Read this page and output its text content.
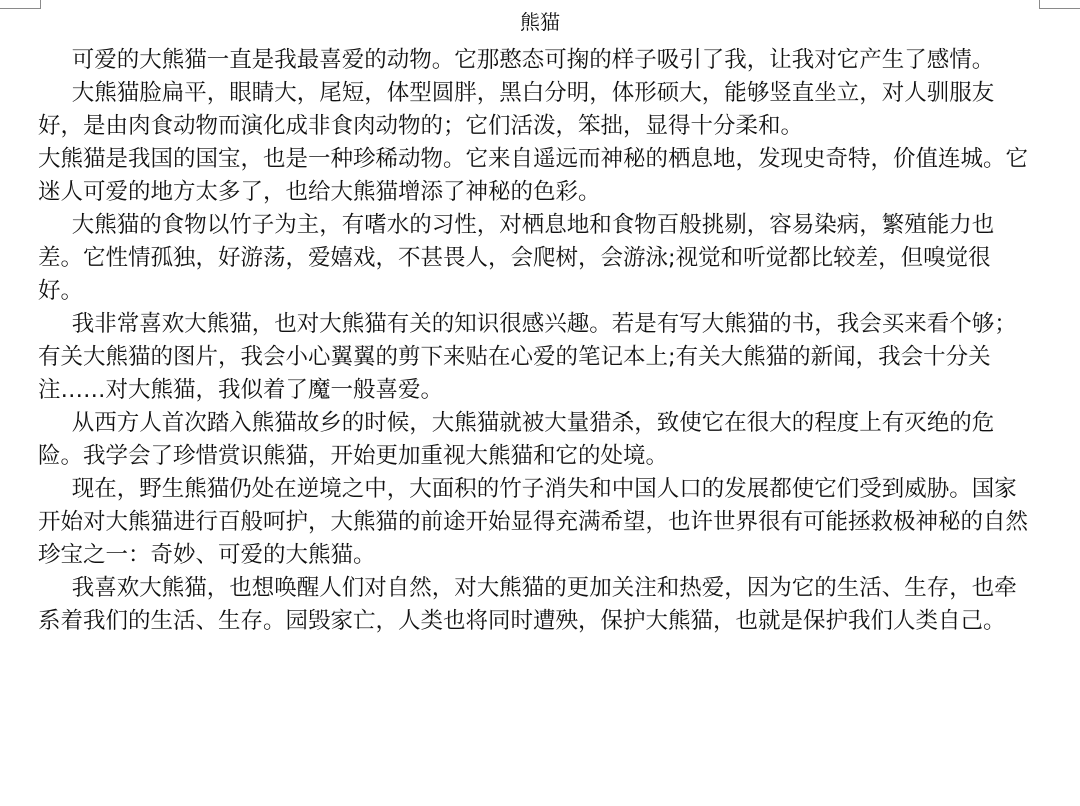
熊猫

可爱的大熊猫一直是我最喜爱的动物。它那憨态可掬的样子吸引了我，让我对它产生了感情。

大熊猫脸扁平，眼睛大，尾短，体型圆胖，黑白分明，体形硕大，能够竖直坐立，对人驯服友好，是由肉食动物而演化成非食肉动物的；它们活泼，笨拙，显得十分柔和。

大熊猫是我国的国宝，也是一种珍稀动物。它来自遥远而神秘的栖息地，发现史奇特，价值连城。它迷人可爱的地方太多了，也给大熊猫增添了神秘的色彩。

大熊猫的食物以竹子为主，有嗜水的习性，对栖息地和食物百般挑剔，容易染病，繁殖能力也差。它性情孤独，好游荡，爱嬉戏，不甚畏人，会爬树，会游泳;视觉和听觉都比较差，但嗅觉很好。

我非常喜欢大熊猫，也对大熊猫有关的知识很感兴趣。若是有写大熊猫的书，我会买来看个够；有关大熊猫的图片，我会小心翼翼的剪下来贴在心爱的笔记本上;有关大熊猫的新闻，我会十分关注……对大熊猫，我似着了魔一般喜爱。

从西方人首次踏入熊猫故乡的时候，大熊猫就被大量猎杀，致使它在很大的程度上有灭绝的危险。我学会了珍惜赏识熊猫，开始更加重视大熊猫和它的处境。

现在，野生熊猫仍处在逆境之中，大面积的竹子消失和中国人口的发展都使它们受到威胁。国家开始对大熊猫进行百般呵护，大熊猫的前途开始显得充满希望，也许世界很有可能拯救极神秘的自然珍宝之一：奇妙、可爱的大熊猫。

我喜欢大熊猫，也想唤醒人们对自然，对大熊猫的更加关注和热爱，因为它的生活、生存，也牵系着我们的生活、生存。园毁家亡，人类也将同时遭殃，保护大熊猫，也就是保护我们人类自己。
